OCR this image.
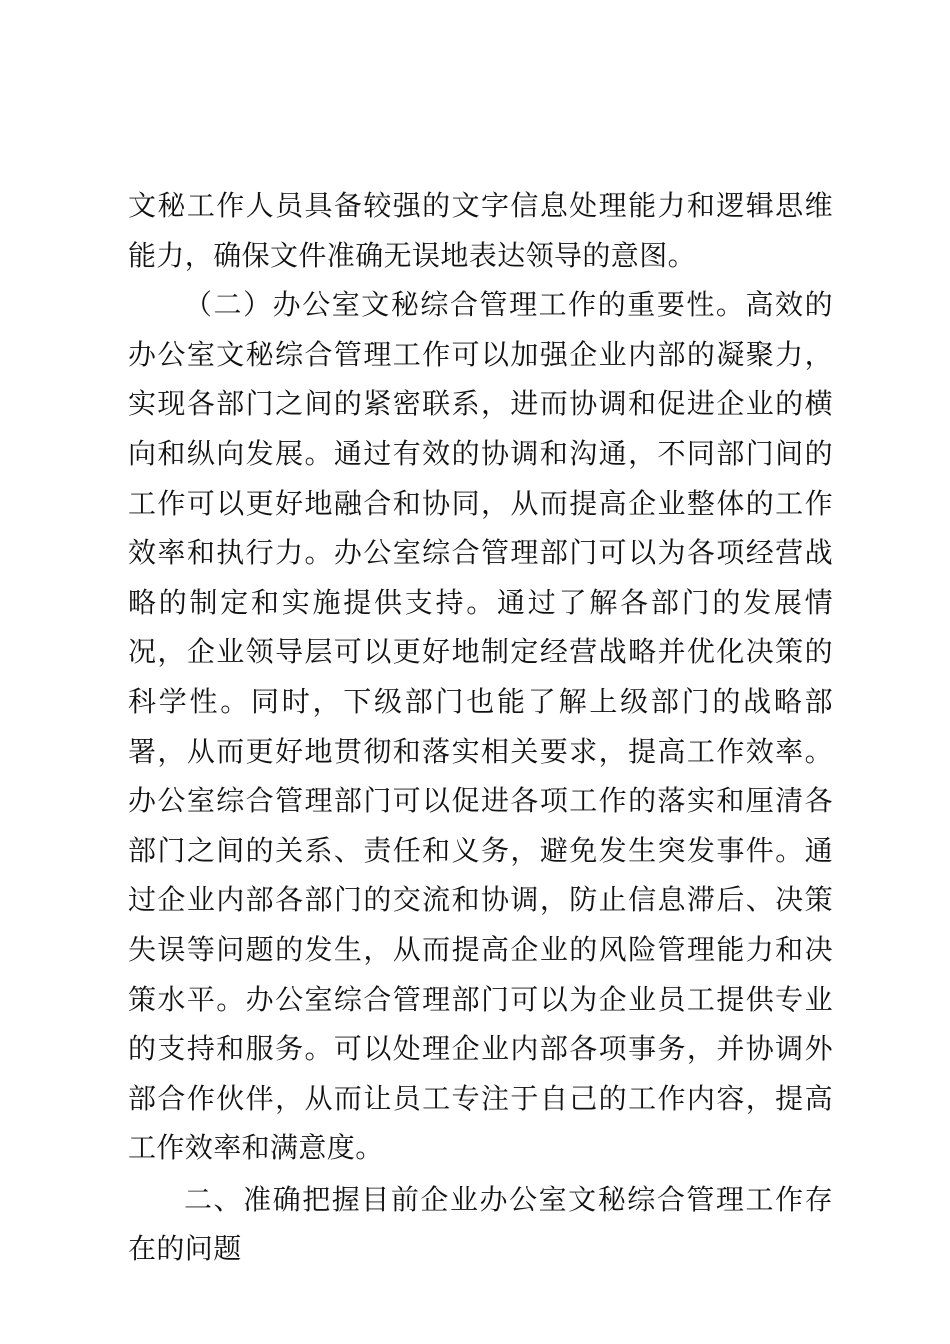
文秘工作人员具备较强的文字信息处理能力和逻辑思维能力，确保文件准确无误地表达领导的意图。

（二）办公室文秘综合管理工作的重要性。高效的办公室文秘综合管理工作可以加强企业内部的凝聚力，实现各部门之间的紧密联系，进而协调和促进企业的横向和纵向发展。通过有效的协调和沟通，不同部门间的工作可以更好地融合和协同，从而提高企业整体的工作效率和执行力。办公室综合管理部门可以为各项经营战略的制定和实施提供支持。通过了解各部门的发展情况，企业领导层可以更好地制定经营战略并优化决策的科学性。同时，下级部门也能了解上级部门的战略部署，从而更好地贯彻和落实相关要求，提高工作效率。办公室综合管理部门可以促进各项工作的落实和厘清各部门之间的关系、责任和义务，避免发生突发事件。通过企业内部各部门的交流和协调，防止信息滞后、决策失误等问题的发生，从而提高企业的风险管理能力和决策水平。办公室综合管理部门可以为企业员工提供专业的支持和服务。可以处理企业内部各项事务，并协调外部合作伙伴，从而让员工专注于自己的工作内容，提高工作效率和满意度。

二、准确把握目前企业办公室文秘综合管理工作存在的问题
